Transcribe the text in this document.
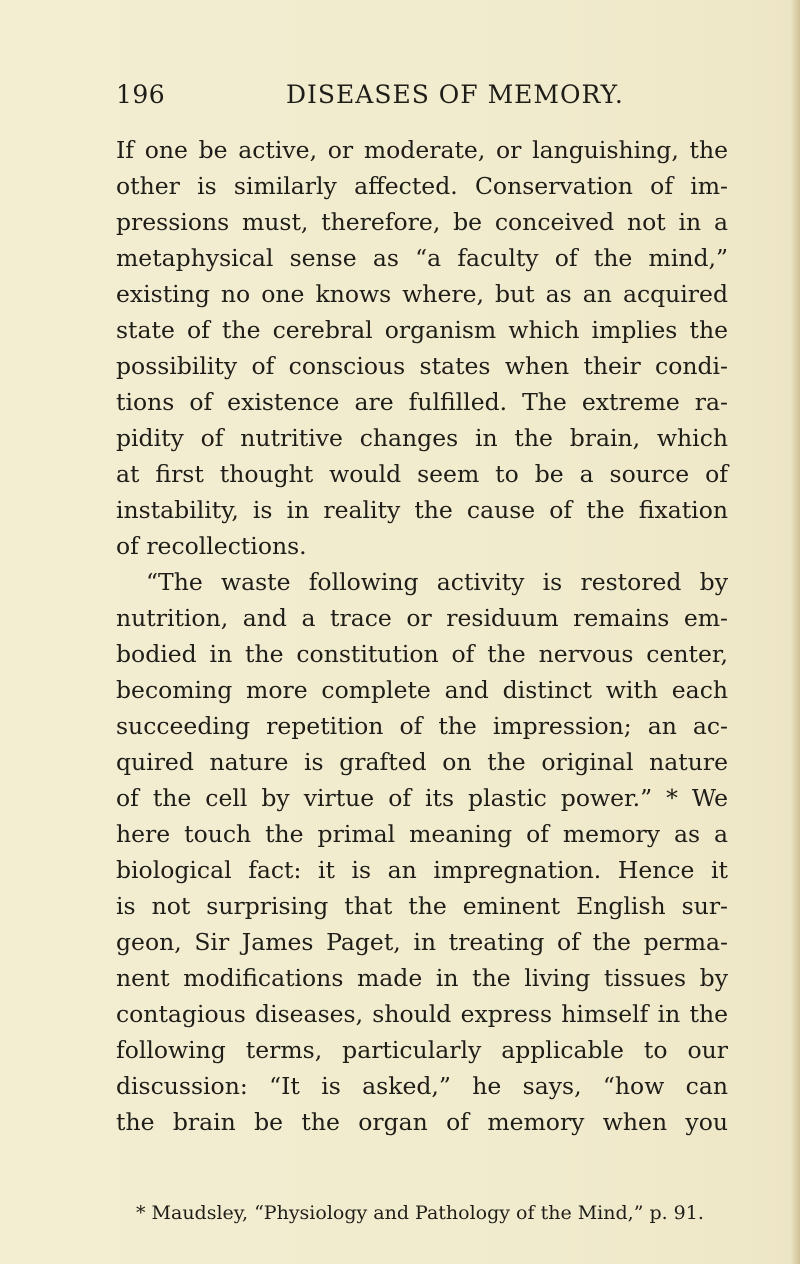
196	DISEASES OF MEMORY.
If one be active, or moderate, or languishing, the
other is similarly affected. Conservation of im-
pressions must, therefore, be conceived not in a
metaphysical sense as “a faculty of the mind,”
existing no one knows where, but as an acquired
state of the cerebral organism which implies the
possibility of conscious states when their condi-
tions of existence are fulfilled. The extreme ra-
pidity of nutritive changes in the brain, which
at first thought would seem to be a source of
instability, is in reality the cause of the fixation
of recollections.
“The waste following activity is restored by
nutrition, and a trace or residuum remains em-
bodied in the constitution of the nervous center,
becoming more complete and distinct with each
succeeding repetition of the impression; an ac-
quired nature is grafted on the original nature
of the cell by virtue of its plastic power.” * We
here touch the primal meaning of memory as a
biological fact: it is an impregnation. Hence it
is not surprising that the eminent English sur-
geon, Sir James Paget, in treating of the perma-
nent modifications made in the living tissues by
contagious diseases, should express himself in the
following terms, particularly applicable to our
discussion: “It is asked,” he says, “how can
the brain be the organ of memory when you
* Maudsley, “Physiology and Pathology of the Mind,” p. 91.
